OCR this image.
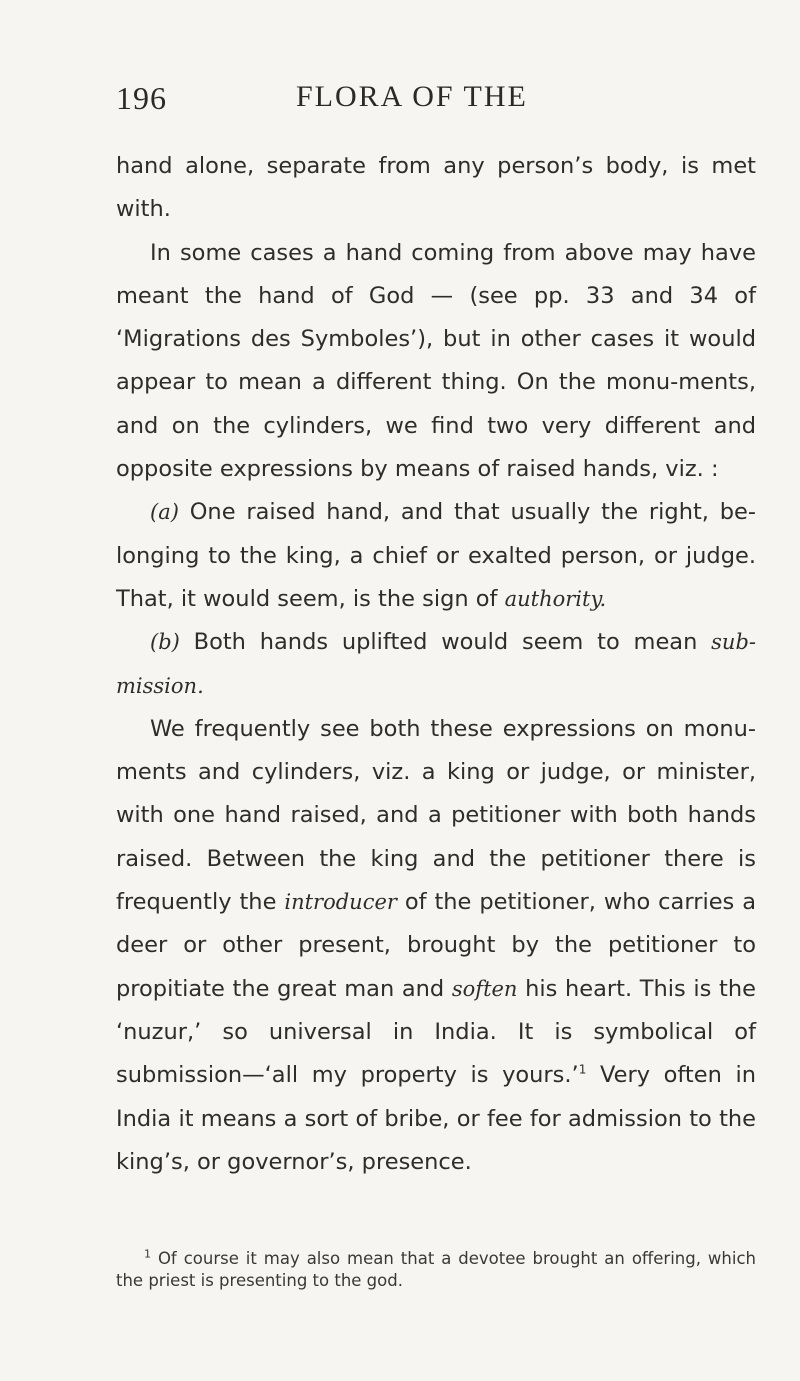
196	FLORA OF THE

hand alone, separate from any person’s body, is met with.

In some cases a hand coming from above may have meant the hand of God — (see pp. 33 and 34 of ‘Migrations des Symboles’), but in other cases it would appear to mean a different thing. On the monu-ments, and on the cylinders, we find two very different and opposite expressions by means of raised hands, viz. :

(a) One raised hand, and that usually the right, be-longing to the king, a chief or exalted person, or judge. That, it would seem, is the sign of authority.

(b) Both hands uplifted would seem to mean sub-mission.

We frequently see both these expressions on monu-ments and cylinders, viz. a king or judge, or minister, with one hand raised, and a petitioner with both hands raised. Between the king and the petitioner there is frequently the introducer of the petitioner, who carries a deer or other present, brought by the petitioner to propitiate the great man and soften his heart. This is the ‘nuzur,’ so universal in India. It is symbolical of submission—‘all my property is yours.’$^1$ Very often in India it means a sort of bribe, or fee for admission to the king’s, or governor’s, presence.

$^1$ Of course it may also mean that a devotee brought an offering, which the priest is presenting to the god.
